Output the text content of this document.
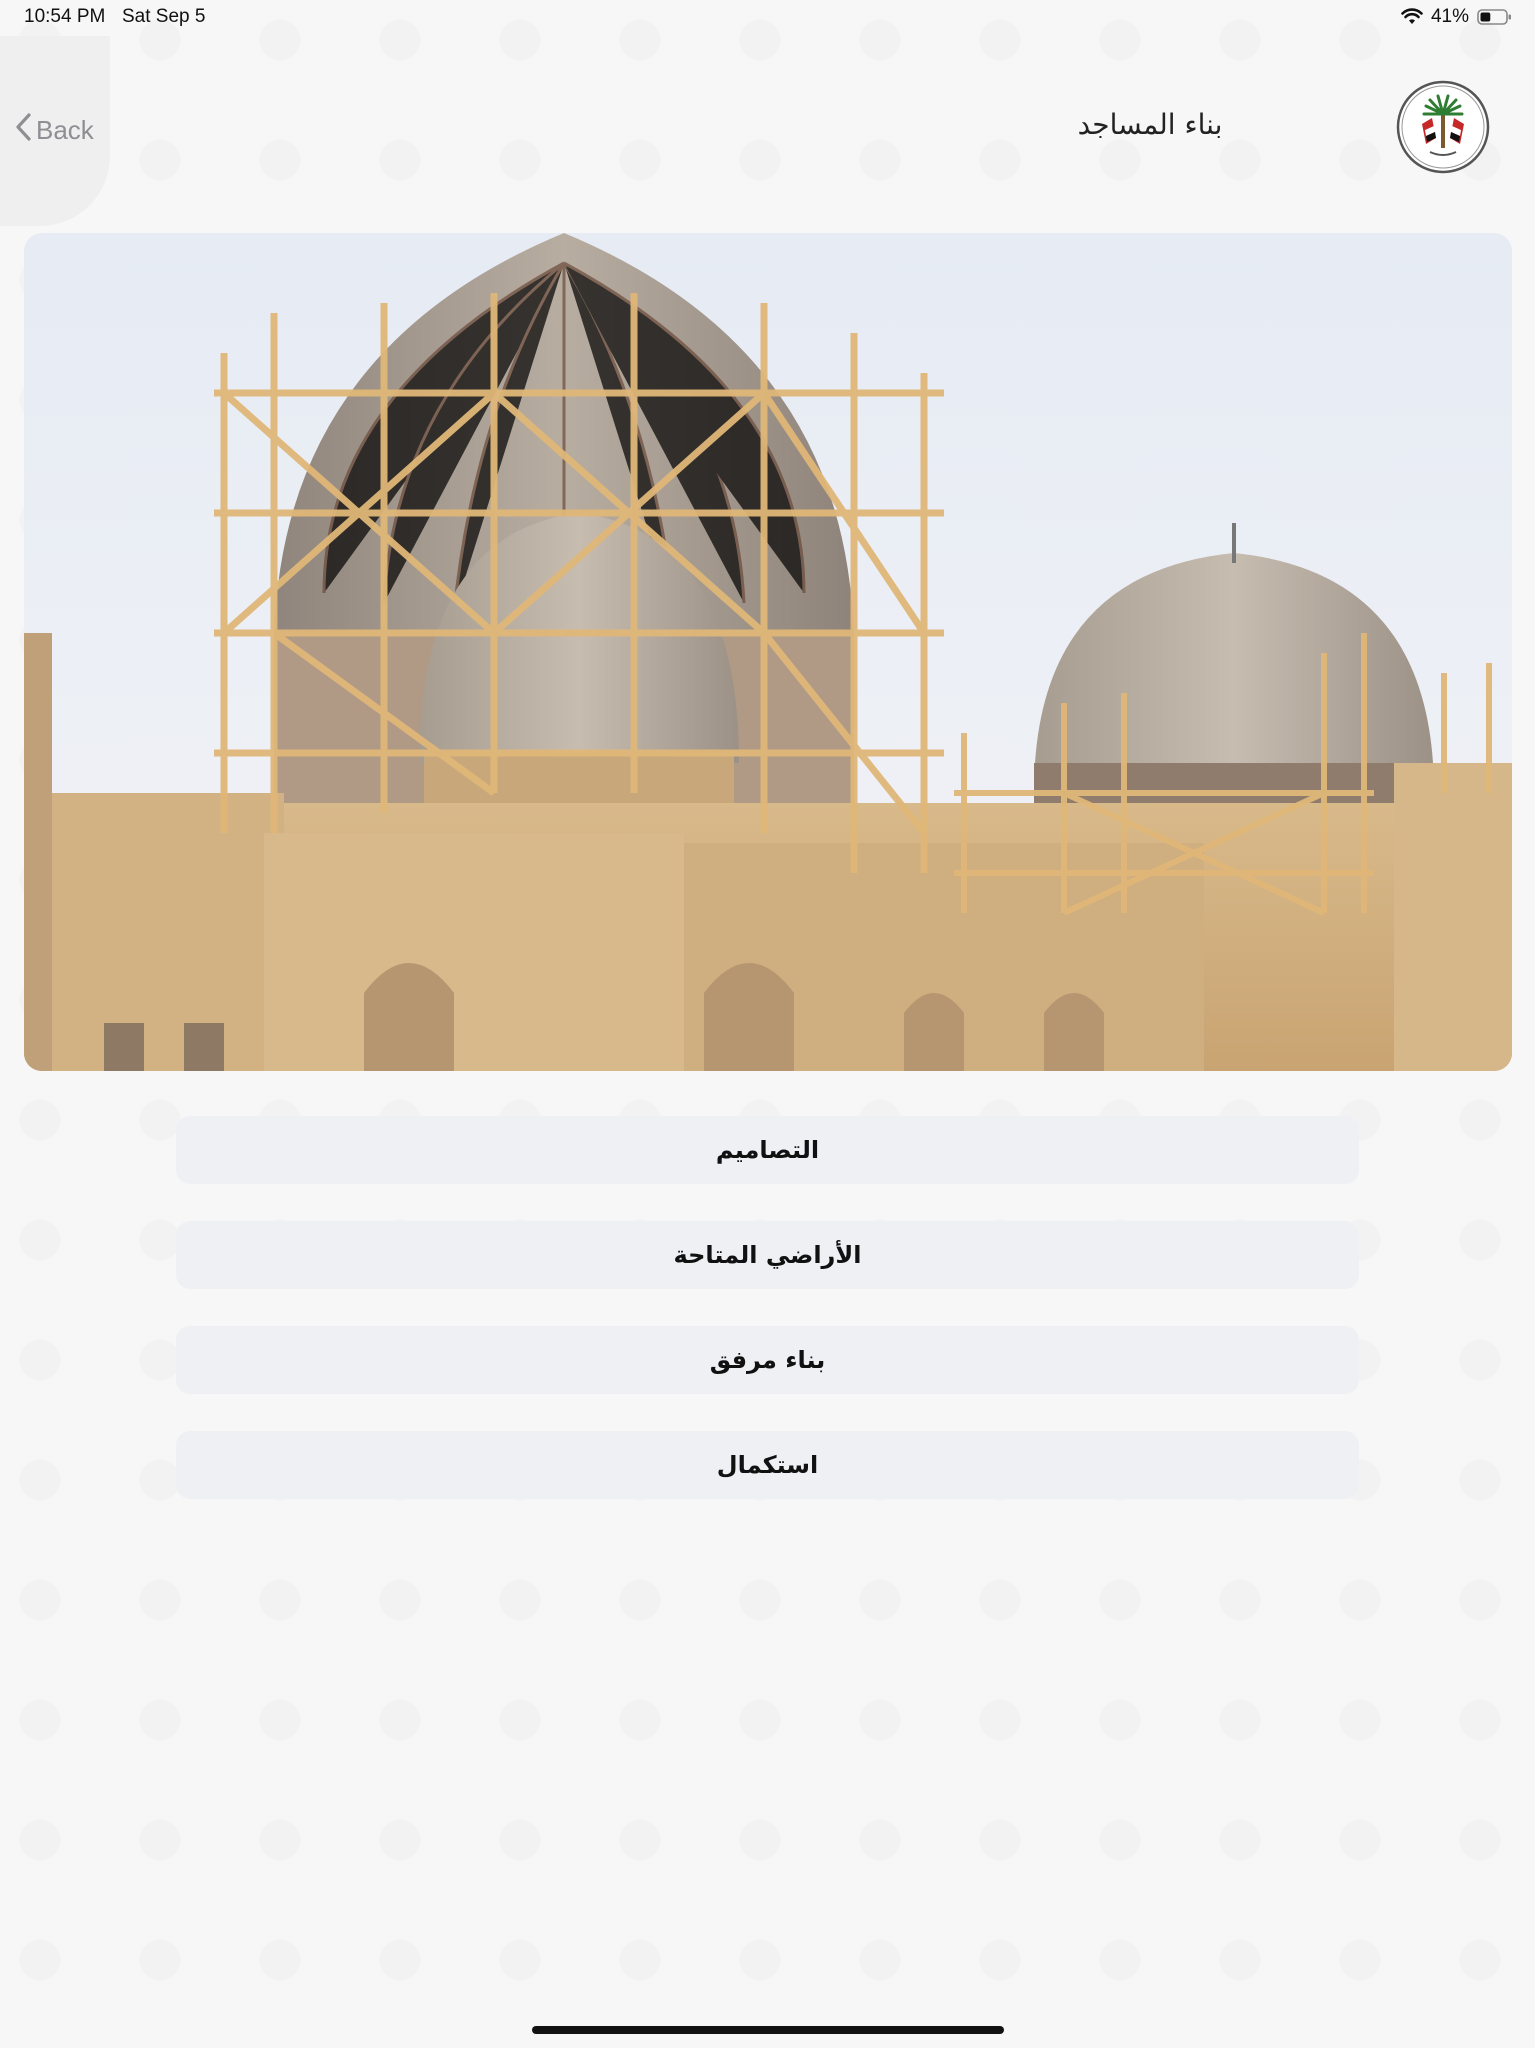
10:54 PM Sat Sep 5	41%
Back	بناء المساجد
التصاميم
الأراضي المتاحة
بناء مرفق
استكمال
